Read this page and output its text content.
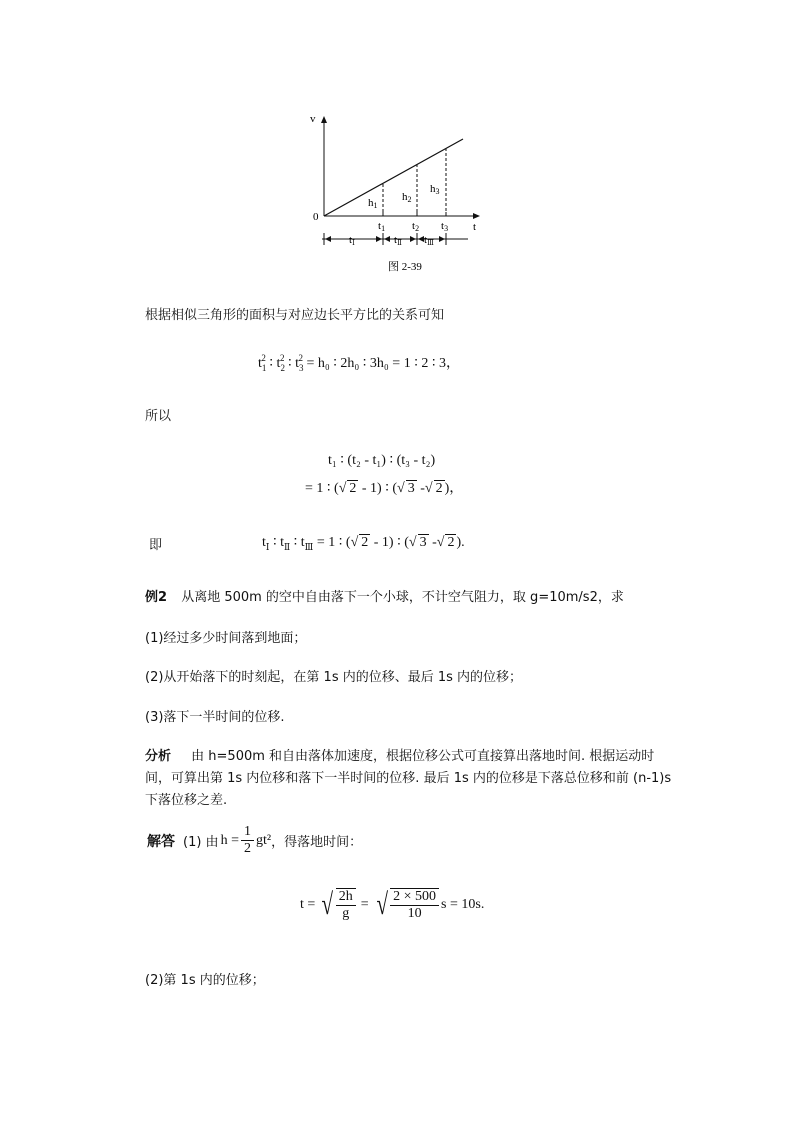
v
0
t
h1
h2
h3
t1 t2 t3
tⅠ	tⅡ tⅢ
图 2-39
根据相似三角形的面积与对应边长平方比的关系可知
$t_1^2$ ∶ $t_2^2$ ∶ $t_3^2 = h_0$ ∶ 2h₀ ∶ 3h₀ = 1 ∶ 2 ∶ 3，
所以
t₁ ∶ (t₂ - t₁) ∶ (t₃ - t₂)
= 1 ∶ (√ 2 - 1) ∶ (√ 3 -√ 2 )，
即	$t_Ⅰ$ ∶ $t_Ⅱ$ ∶ $t_Ⅲ = 1$ ∶ (√ 2 - 1) ∶ (√ 3 -√ 2 ).
例2 从离地 500m 的空中自由落下一个小球，不计空气阻力，取 g=10m/s2，求
(1)经过多少时间落到地面；
(2)从开始落下的时刻起，在第 1s 内的位移、最后 1s 内的位移；
(3)落下一半时间的位移.
分析 由 h=500m 和自由落体加速度，根据位移公式可直接算出落地时间. 根据运动时
间，可算出第 1s 内位移和落下一半时间的位移. 最后 1s 内的位移是下落总位移和前 (n-1)s
下落位移之差.
解答 (1) 由 $h = \frac{1}{2} gt^2$ ，得落地时间：
t = √ $\frac{2h}{g}$ = √ $\frac{2 \times 500}{10}$ s = 10s.
(2)第 1s 内的位移；
